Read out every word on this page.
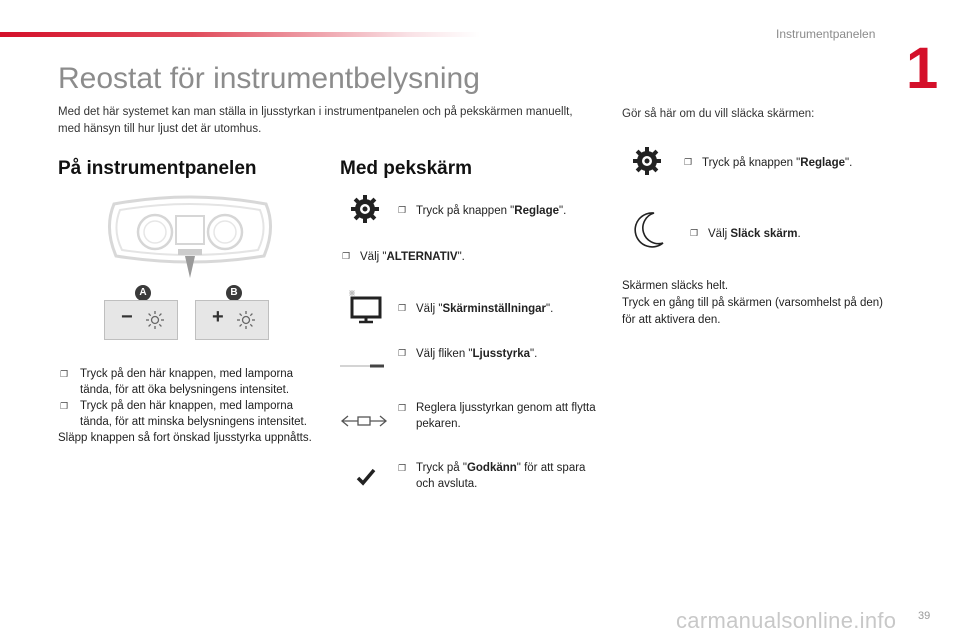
Instrumentpanelen
1
Reostat för instrumentbelysning

Med det här systemet kan man ställa in ljusstyrkan i instrumentpanelen och på pekskärmen manuellt, med hänsyn till hur ljust det är utomhus.

Gör så här om du vill släcka skärmen:

På instrumentpanelen
A	B
−	+
❐ Tryck på den här knappen, med lamporna tända, för att öka belysningens intensitet.
❐ Tryck på den här knappen, med lamporna tända, för att minska belysningens intensitet.
Släpp knappen så fort önskad ljusstyrka uppnåtts.
Med pekskärm
❐ Tryck på knappen "Reglage".
❐ Välj "ALTERNATIV".
❐ Välj "Skärminställningar".
❐ Välj fliken "Ljusstyrka".
❐ Reglera ljusstyrkan genom att flytta pekaren.
❐ Tryck på "Godkänn" för att spara och avsluta.
❐ Tryck på knappen "Reglage".
❐ Välj Släck skärm.
Skärmen släcks helt.
Tryck en gång till på skärmen (varsomhelst på den) för att aktivera den.
carmanualsonline.info 39
